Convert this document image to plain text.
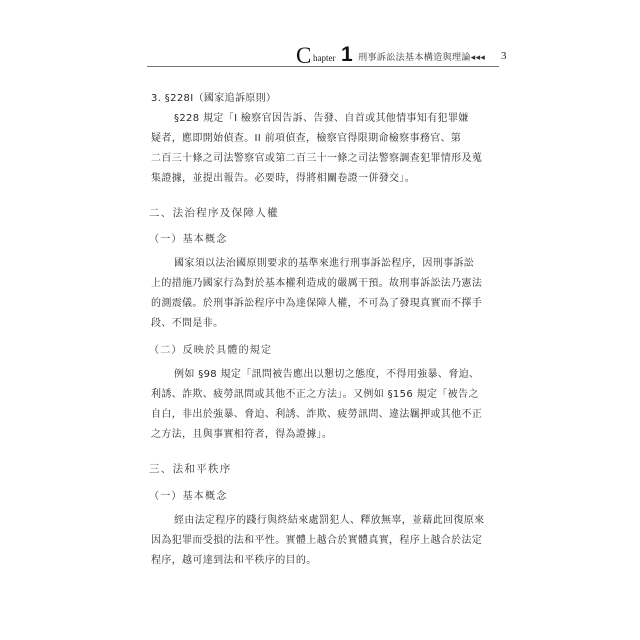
C hapter 1 刑事訴訟法基本構造與理論◂◂◂ 3
3. §228I（國家追訴原則）
§228 規定「I 檢察官因告訴、告發、自首或其他情事知有犯罪嫌
疑者，應即開始偵查。II 前項偵查，檢察官得限期命檢察事務官、第
二百三十條之司法警察官或第二百三十一條之司法警察調查犯罪情形及蒐
集證據，並提出報告。必要時，得將相關卷證一併發交」。
二、法治程序及保障人權
（一）基本概念
國家須以法治國原則要求的基準來進行刑事訴訟程序，因刑事訴訟
上的措施乃國家行為對於基本權利造成的嚴厲干預。故刑事訴訟法乃憲法
的測震儀。於刑事訴訟程序中為達保障人權，不可為了發現真實而不擇手
段、不問是非。
（二）反映於具體的規定
例如 §98 規定「訊問被告應出以懇切之態度，不得用強暴、脅迫、
利誘、詐欺、疲勞訊問或其他不正之方法」。又例如 §156 規定「被告之
自白，非出於強暴、脅迫、利誘、詐欺、疲勞訊問、違法羈押或其他不正
之方法，且與事實相符者，得為證據」。
三、法和平秩序
（一）基本概念
經由法定程序的踐行與終結來處罰犯人、釋放無辜，並藉此回復原來
因為犯罪而受損的法和平性。實體上越合於實體真實，程序上越合於法定
程序，越可達到法和平秩序的目的。
